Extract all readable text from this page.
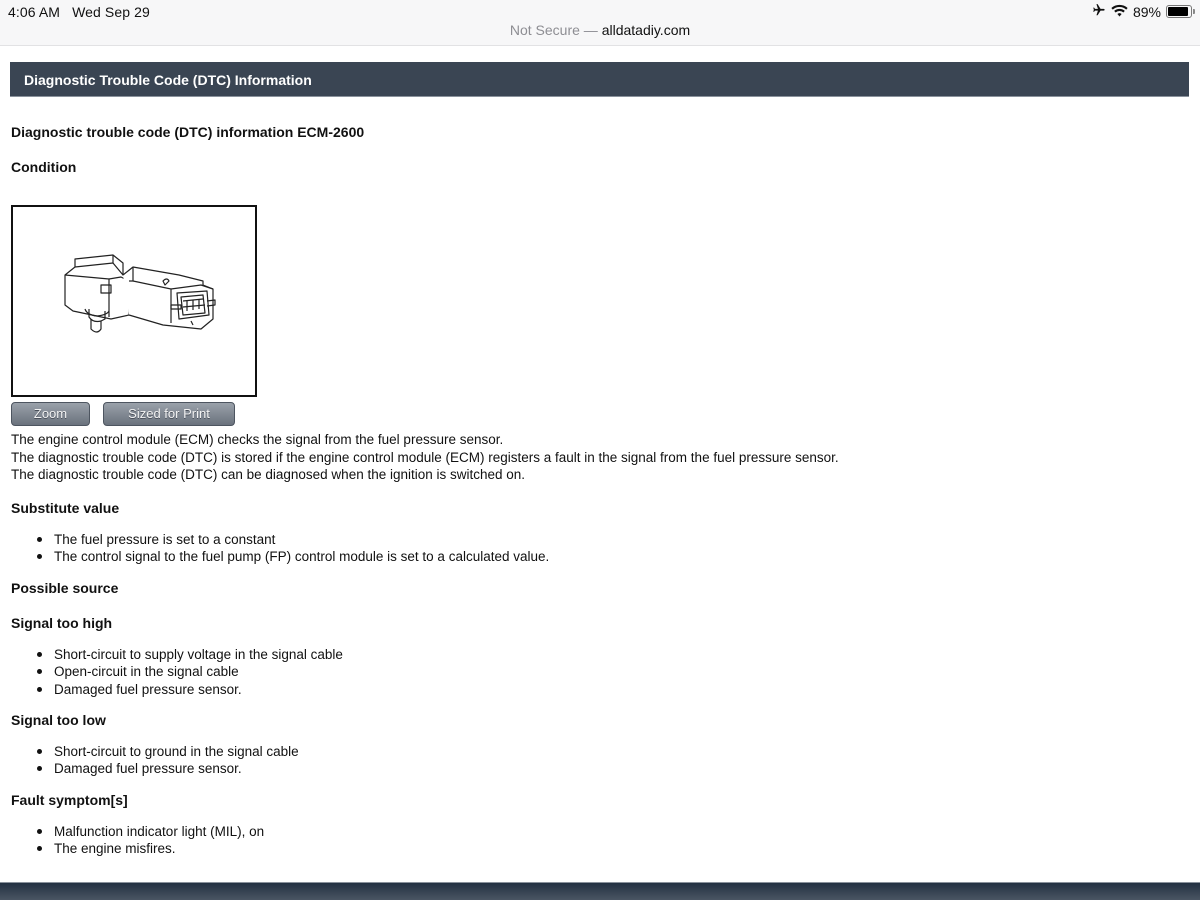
4:06 AM Wed Sep 29	89%
Not Secure — alldatadiy.com
Diagnostic Trouble Code (DTC) Information
Diagnostic trouble code (DTC) information ECM-2600
Condition
Zoom	Sized for Print

The engine control module (ECM) checks the signal from the fuel pressure sensor.

The diagnostic trouble code (DTC) is stored if the engine control module (ECM) registers a fault in the signal from the fuel pressure sensor.

The diagnostic trouble code (DTC) can be diagnosed when the ignition is switched on.

Substitute value
The fuel pressure is set to a constant
The control signal to the fuel pump (FP) control module is set to a calculated value.
Possible source
Signal too high
Short-circuit to supply voltage in the signal cable
Open-circuit in the signal cable
Damaged fuel pressure sensor.
Signal too low
Short-circuit to ground in the signal cable
Damaged fuel pressure sensor.
Fault symptom[s]
Malfunction indicator light (MIL), on
The engine misfires.
